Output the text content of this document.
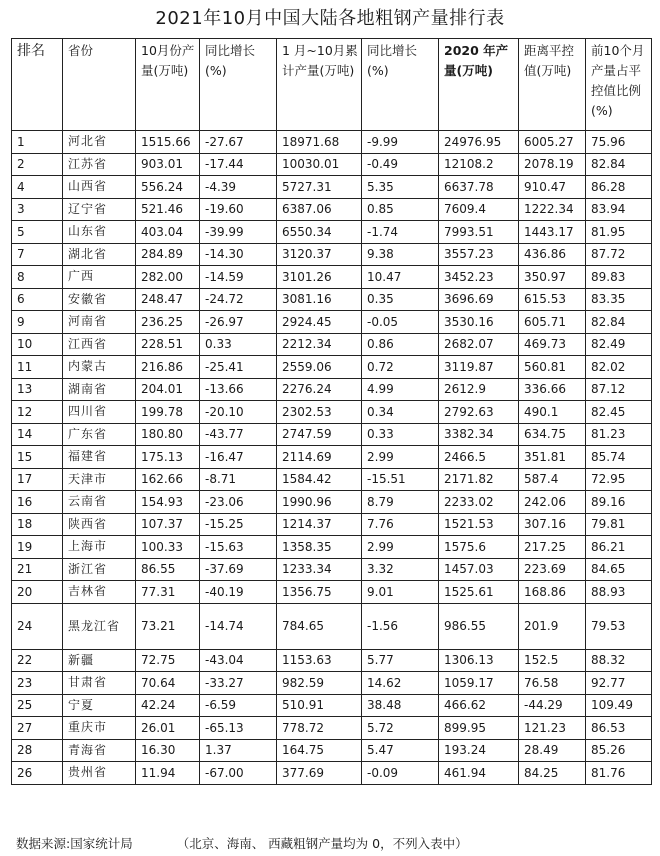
2021年10月中国大陆各地粗钢产量排行表
排名	省份	10月份产 量(万吨)	同比增长(%)	1 月~10月累计产量(万吨)	同比增长(%)	2020 年产量(万吨)	距离平控值(万吨)	前10个月产量占平控值比例(%)
1	河北省	1515.66	-27.67	18971.68	-9.99	24976.95	6005.27	75.96
2	江苏省	903.01	-17.44	10030.01	-0.49	12108.2	2078.19	82.84
4	山西省	556.24	-4.39	5727.31	5.35	6637.78	910.47	86.28
3	辽宁省	521.46	-19.60	6387.06	0.85	7609.4	1222.34	83.94
5	山东省	403.04	-39.99	6550.34	-1.74	7993.51	1443.17	81.95
7	湖北省	284.89	-14.30	3120.37	9.38	3557.23	436.86	87.72
8	广西	282.00	-14.59	3101.26	10.47	3452.23	350.97	89.83
6	安徽省	248.47	-24.72	3081.16	0.35	3696.69	615.53	83.35
9	河南省	236.25	-26.97	2924.45	-0.05	3530.16	605.71	82.84
10	江西省	228.51	0.33	2212.34	0.86	2682.07	469.73	82.49
11	内蒙古	216.86	-25.41	2559.06	0.72	3119.87	560.81	82.02
13	湖南省	204.01	-13.66	2276.24	4.99	2612.9	336.66	87.12
12	四川省	199.78	-20.10	2302.53	0.34	2792.63	490.1	82.45
14	广东省	180.80	-43.77	2747.59	0.33	3382.34	634.75	81.23
15	福建省	175.13	-16.47	2114.69	2.99	2466.5	351.81	85.74
17	天津市	162.66	-8.71	1584.42	-15.51	2171.82	587.4	72.95
16	云南省	154.93	-23.06	1990.96	8.79	2233.02	242.06	89.16
18	陕西省	107.37	-15.25	1214.37	7.76	1521.53	307.16	79.81
19	上海市	100.33	-15.63	1358.35	2.99	1575.6	217.25	86.21
21	浙江省	86.55	-37.69	1233.34	3.32	1457.03	223.69	84.65
20	吉林省	77.31	-40.19	1356.75	9.01	1525.61	168.86	88.93
24	黑龙江省	73.21	-14.74	784.65	-1.56	986.55	201.9	79.53
22	新疆	72.75	-43.04	1153.63	5.77	1306.13	152.5	88.32
23	甘肃省	70.64	-33.27	982.59	14.62	1059.17	76.58	92.77
25	宁夏	42.24	-6.59	510.91	38.48	466.62	-44.29	109.49
27	重庆市	26.01	-65.13	778.72	5.72	899.95	121.23	86.53
28	青海省	16.30	1.37	164.75	5.47	193.24	28.49	85.26
26	贵州省	11.94	-67.00	377.69	-0.09	461.94	84.25	81.76
数据来源:国家统计局	（北京、海南、 西藏粗钢产量均为 0，不列入表中）
